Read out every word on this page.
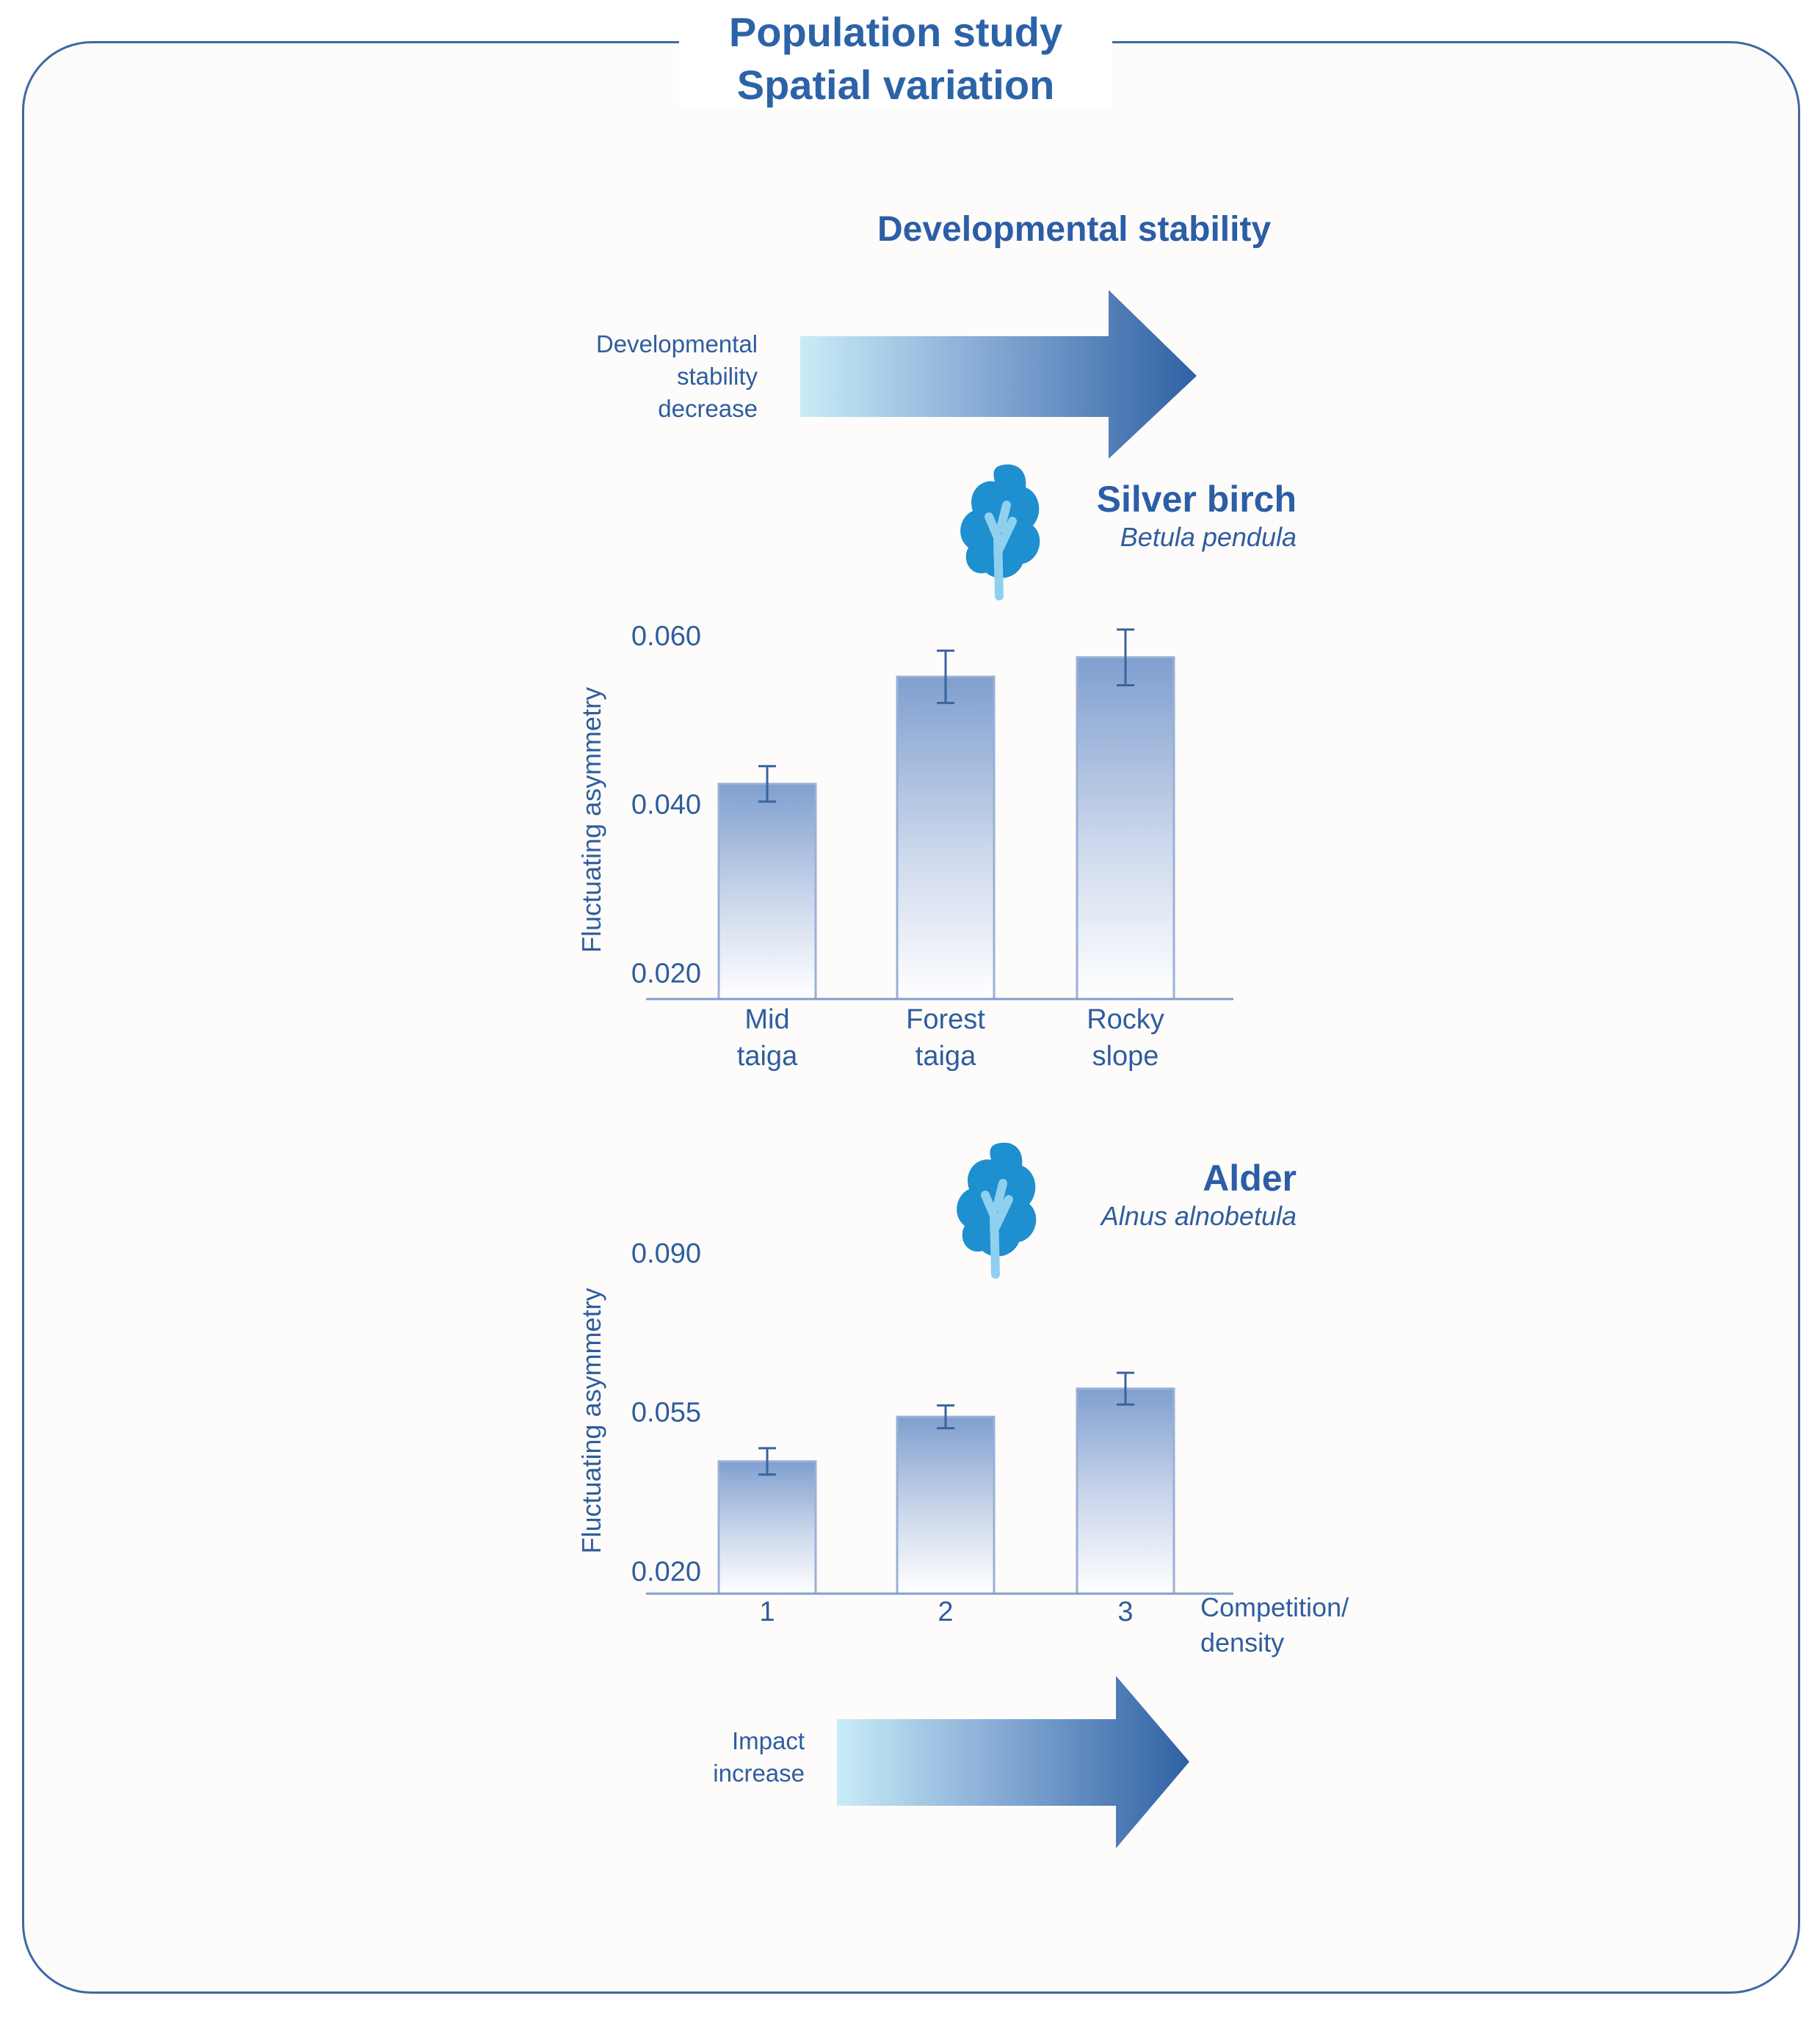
Population study
Spatial variation
Developmental stability
Developmental
stability
decrease
Impact
increase
Silver birch
Betula pendula
Alder
Alnus alnobetula
0.020
0.040
0.060
Fluctuating asymmetry
Mid taiga
Forest taiga
Rocky slope
0.020
0.055
0.090
Fluctuating asymmetry
1	2	3	Competition/ density
